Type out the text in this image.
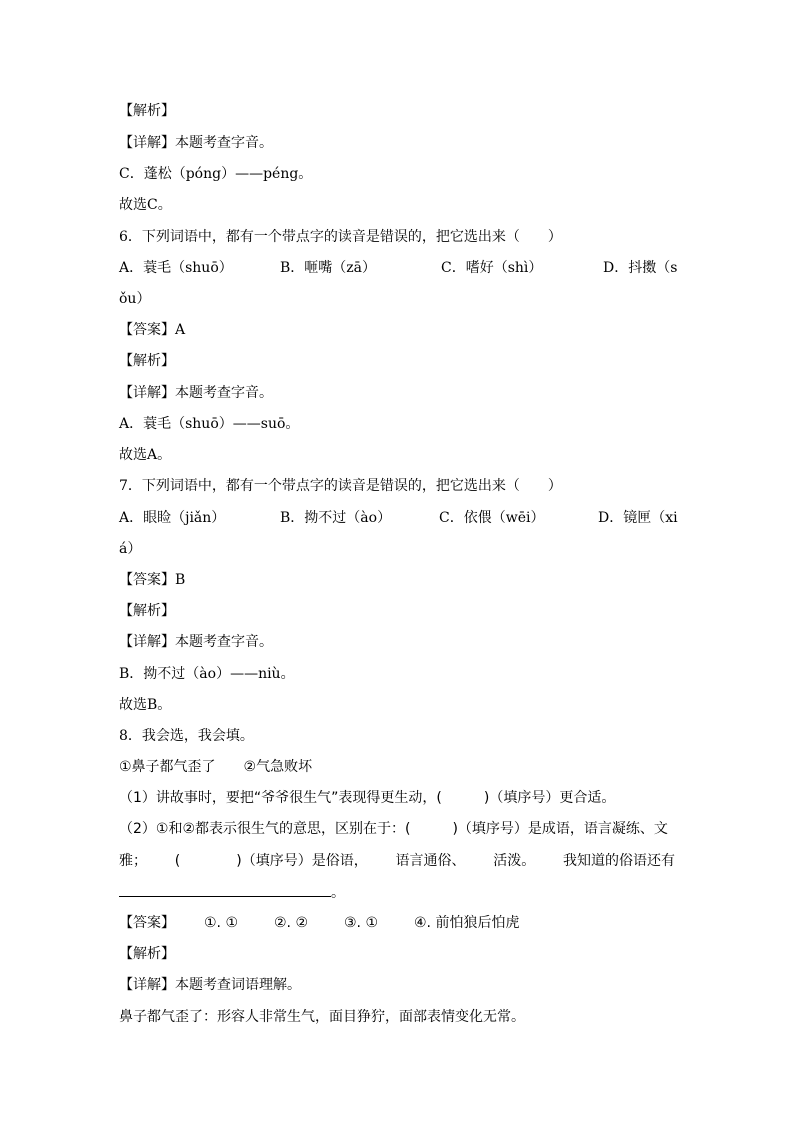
【解析】
【详解】本题考查字音。
C．蓬松（póng）——péng。
故选C。
6．下列词语中，都有一个带点字的读音是错误的，把它选出来（　　）
A．蓑毛（shuō）	B．咂嘴（zā）	C．嗜好（shì）	D．抖擞（s
ǒu）
【答案】A
【解析】
【详解】本题考查字音。
A．蓑毛（shuō）——suō。
故选A。
7．下列词语中，都有一个带点字的读音是错误的，把它选出来（　　）
A．眼睑（jiǎn）	B．拗不过（ào）	C．依偎（wēi）	D．镜匣（xi
á）
【答案】B
【解析】
【详解】本题考查字音。
B．拗不过（ào）——niù。
故选B。
8．我会选，我会填。
①鼻子都气歪了　　②气急败坏
（1）讲故事时，要把“爷爷很生气”表现得更生动，(　　　)（填序号）更合适。
（2）①和②都表示很生气的意思，区别在于：(　　　)（填序号）是成语，语言凝练、文
雅； (　　　　)（填序号）是俗语， 语言通俗、 活泼。 我知道的俗语还有
。
【答案】 ①. ①	②. ②	③. ①	④. 前怕狼后怕虎
【解析】
【详解】本题考查词语理解。
鼻子都气歪了：形容人非常生气，面目狰狞，面部表情变化无常。
